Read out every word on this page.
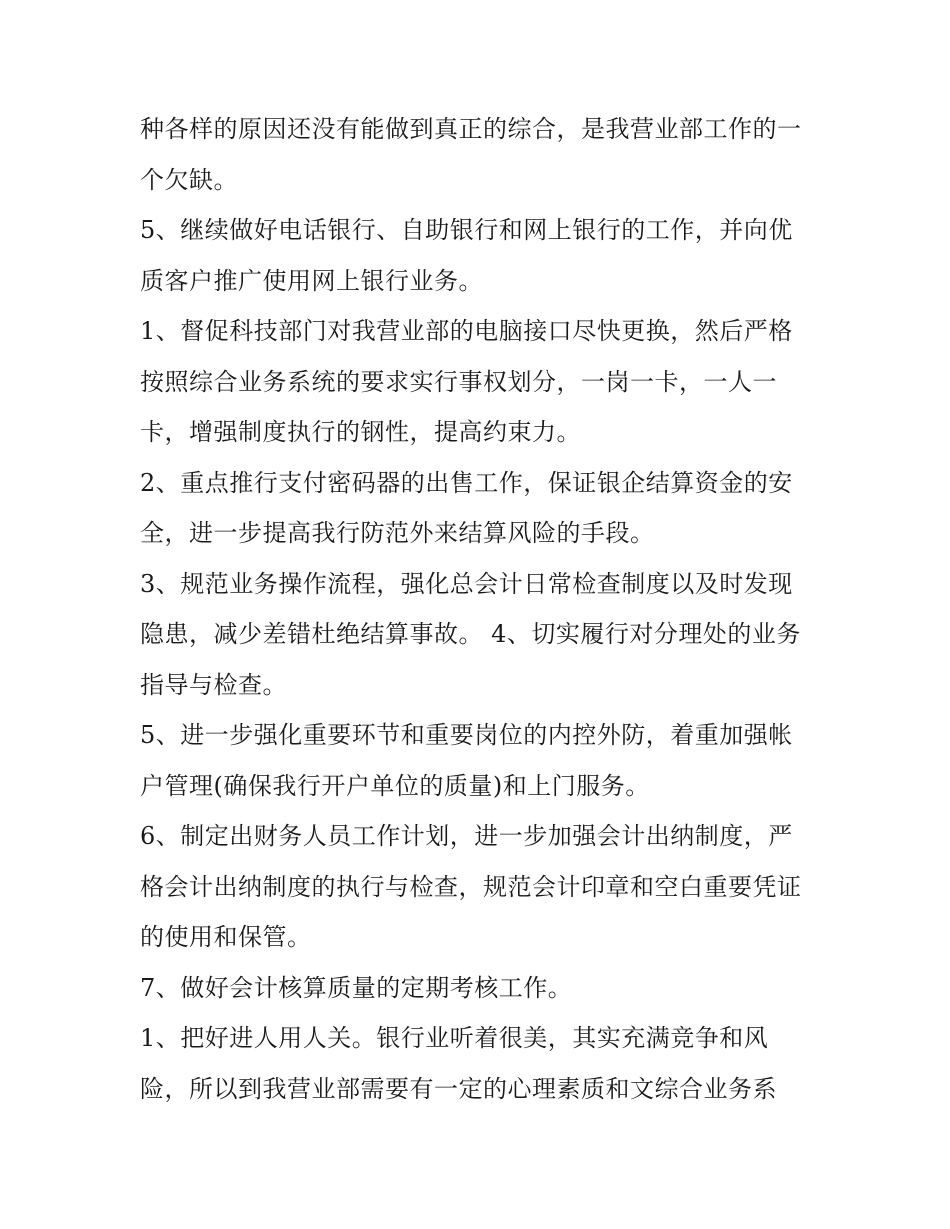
种各样的原因还没有能做到真正的综合，是我营业部工作的一
个欠缺。
5、继续做好电话银行、自助银行和网上银行的工作，并向优
质客户推广使用网上银行业务。
1、督促科技部门对我营业部的电脑接口尽快更换，然后严格
按照综合业务系统的要求实行事权划分，一岗一卡，一人一
卡，增强制度执行的钢性，提高约束力。
2、重点推行支付密码器的出售工作，保证银企结算资金的安
全，进一步提高我行防范外来结算风险的手段。
3、规范业务操作流程，强化总会计日常检查制度以及时发现
隐患，减少差错杜绝结算事故。 4、切实履行对分理处的业务
指导与检查。
5、进一步强化重要环节和重要岗位的内控外防，着重加强帐
户管理(确保我行开户单位的质量)和上门服务。
6、制定出财务人员工作计划，进一步加强会计出纳制度，严
格会计出纳制度的执行与检查，规范会计印章和空白重要凭证
的使用和保管。
7、做好会计核算质量的定期考核工作。
1、把好进人用人关。银行业听着很美，其实充满竞争和风
险，所以到我营业部需要有一定的心理素质和文综合业务系
